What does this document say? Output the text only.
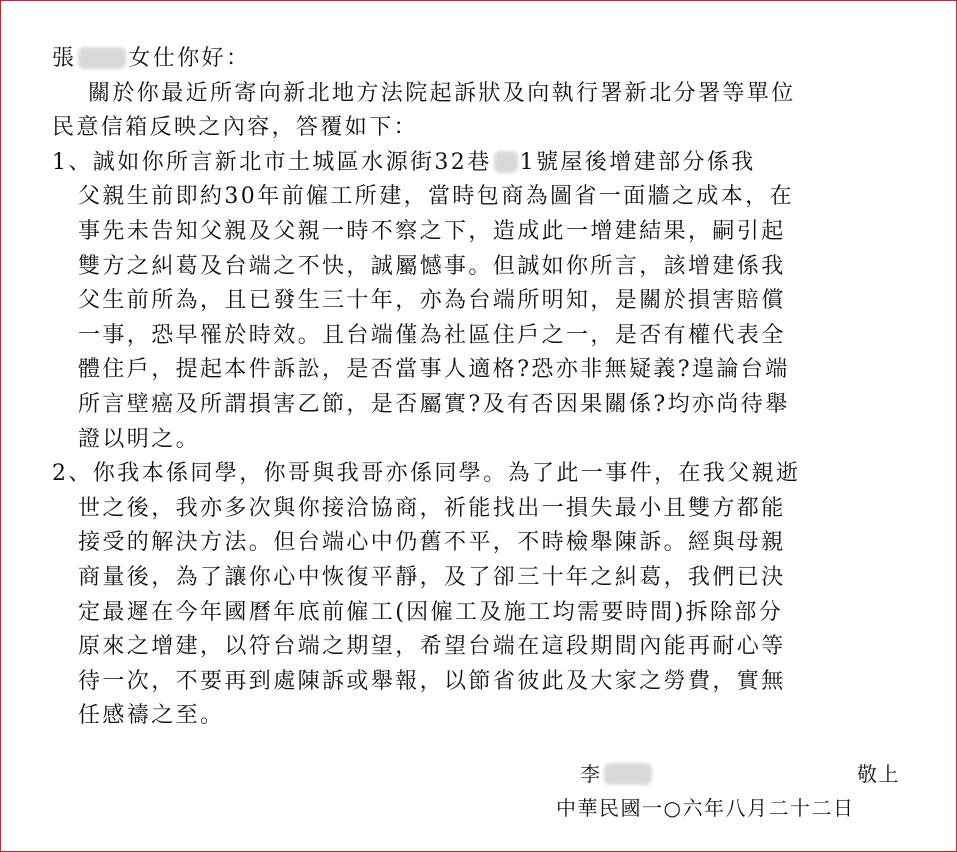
張 女仕你好：
關於你最近所寄向新北地方法院起訴狀及向執行署新北分署等單位
民意信箱反映之內容，答覆如下：
1、誠如你所言新北市土城區水源街32巷 1號屋後增建部分係我
父親生前即約30年前僱工所建，當時包商為圖省一面牆之成本，在
事先未告知父親及父親一時不察之下，造成此一增建結果，嗣引起
雙方之糾葛及台端之不快，誠屬憾事。但誠如你所言，該增建係我
父生前所為，且已發生三十年，亦為台端所明知，是關於損害賠償
一事，恐早罹於時效。且台端僅為社區住戶之一，是否有權代表全
體住戶，提起本件訴訟，是否當事人適格?恐亦非無疑義?遑論台端
所言壁癌及所謂損害乙節，是否屬實?及有否因果關係?均亦尚待舉
證以明之。
2、你我本係同學，你哥與我哥亦係同學。為了此一事件，在我父親逝
世之後，我亦多次與你接洽協商，祈能找出一損失最小且雙方都能
接受的解決方法。但台端心中仍舊不平，不時檢舉陳訴。經與母親
商量後，為了讓你心中恢復平靜，及了卻三十年之糾葛，我們已決
定最遲在今年國曆年底前僱工(因僱工及施工均需要時間)拆除部分
原來之增建，以符台端之期望，希望台端在這段期間內能再耐心等
待一次，不要再到處陳訴或舉報，以節省彼此及大家之勞費，實無
任感禱之至。
李	敬上
中華民國一○六年八月二十二日
